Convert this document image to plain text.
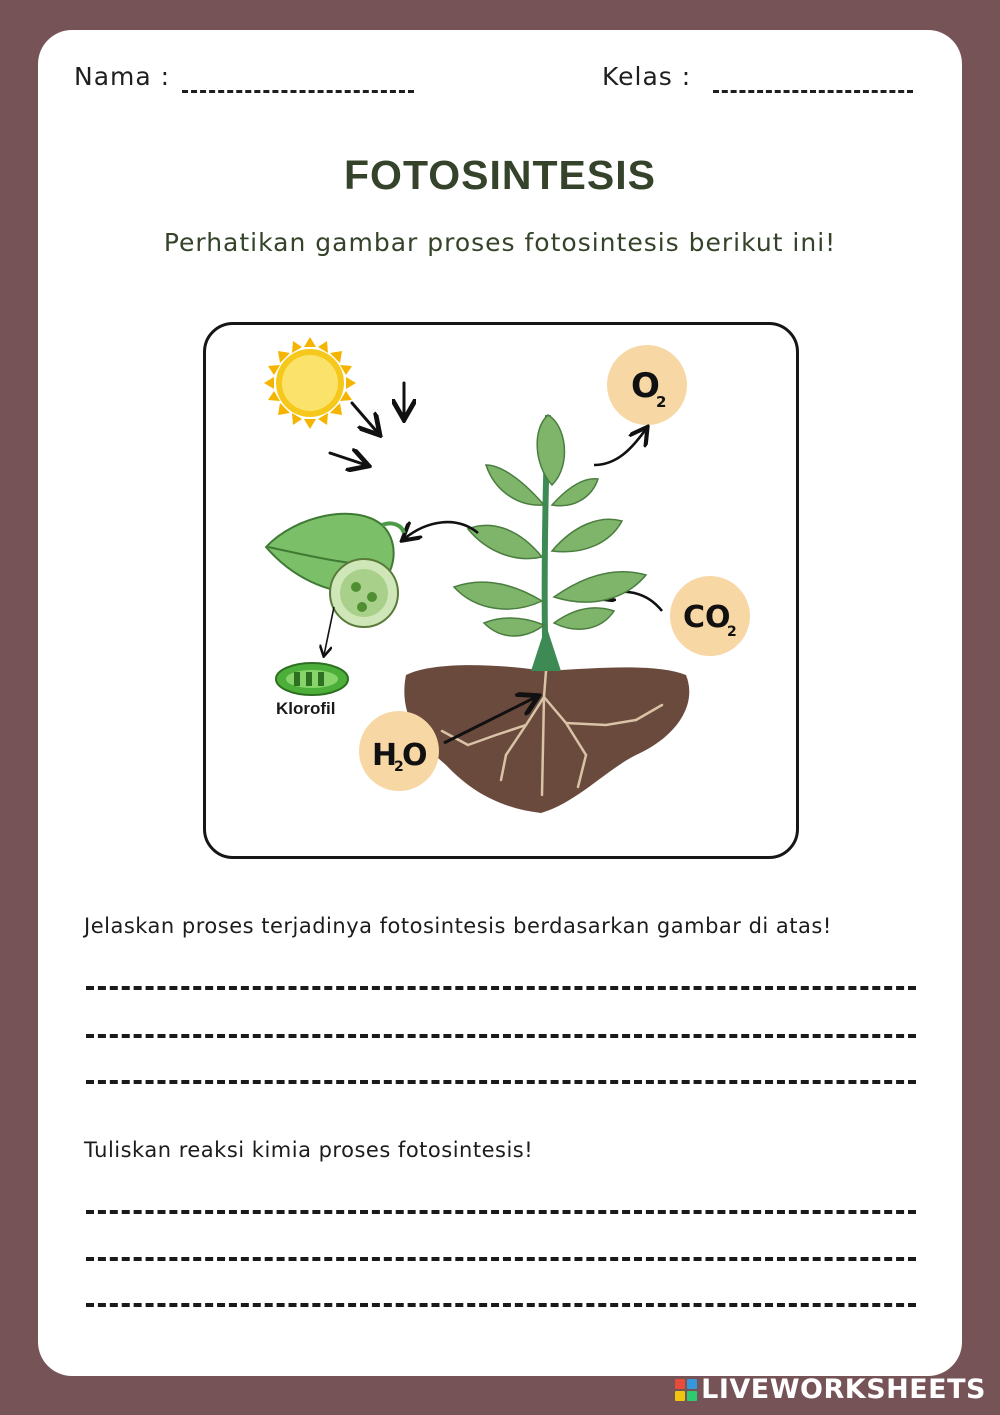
Nama :	Kelas :
FOTOSINTESIS
Perhatikan gambar proses fotosintesis berikut ini!
O
2
CO
2
H
2
O
Klorofil
Jelaskan proses terjadinya fotosintesis berdasarkan gambar di atas!
Tuliskan reaksi kimia proses fotosintesis!
LIVEWORKSHEETS
